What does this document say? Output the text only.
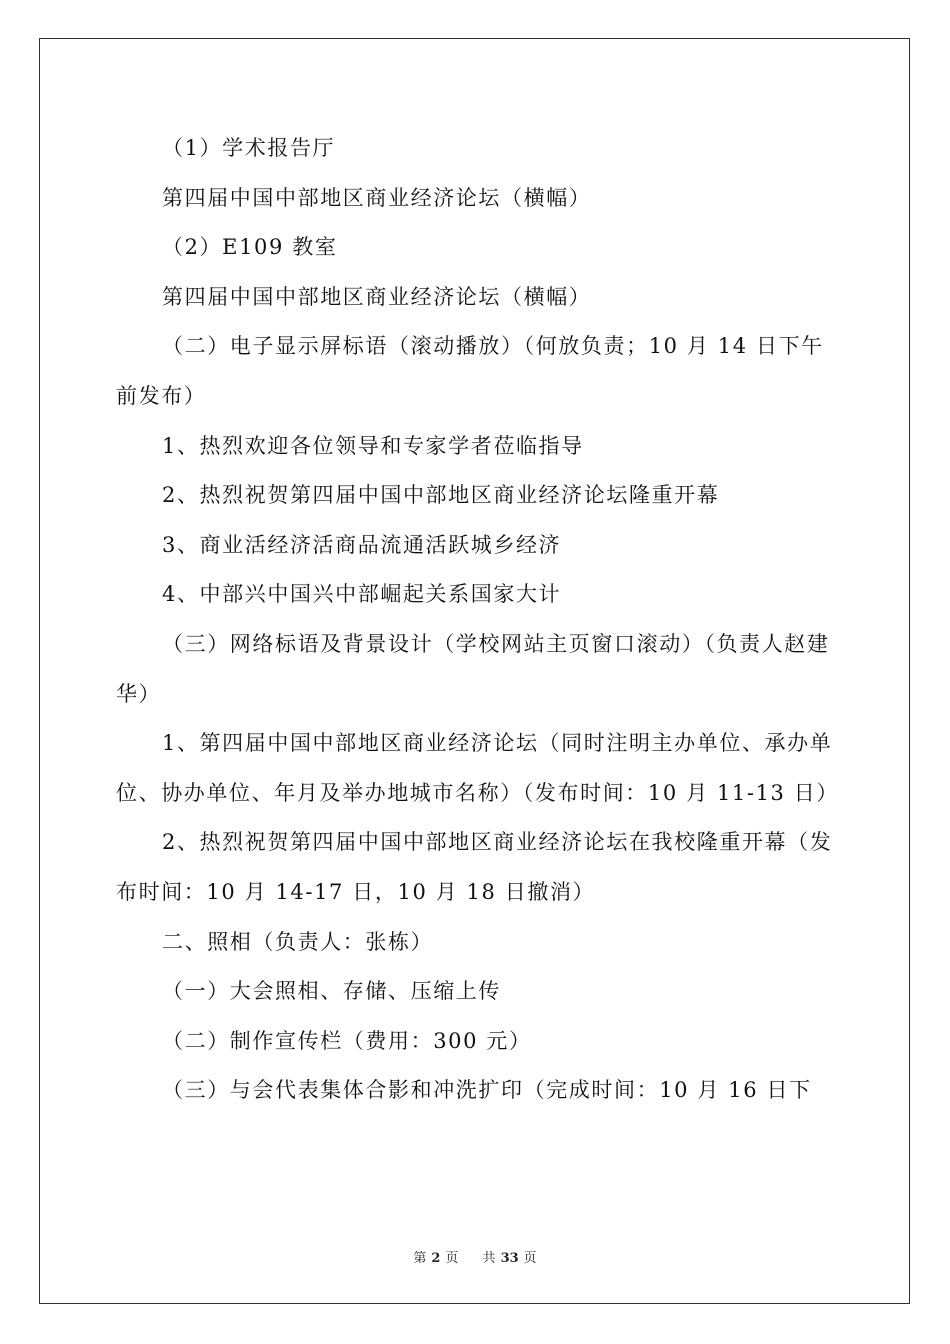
（1）学术报告厅

第四届中国中部地区商业经济论坛（横幅）

（2）E109 教室

第四届中国中部地区商业经济论坛（横幅）

（二）电子显示屏标语（滚动播放）（何放负责；10 月 14 日下午前发布）

1、热烈欢迎各位领导和专家学者莅临指导

2、热烈祝贺第四届中国中部地区商业经济论坛隆重开幕

3、商业活经济活商品流通活跃城乡经济

4、中部兴中国兴中部崛起关系国家大计

（三）网络标语及背景设计（学校网站主页窗口滚动）（负责人赵建华）

1、第四届中国中部地区商业经济论坛（同时注明主办单位、承办单位、协办单位、年月及举办地城市名称）（发布时间：10 月 11-13 日）

2、热烈祝贺第四届中国中部地区商业经济论坛在我校隆重开幕（发布时间：10 月 14-17 日，10 月 18 日撤消）

二、照相（负责人：张栋）

（一）大会照相、存储、压缩上传

（二）制作宣传栏（费用：300 元）

（三）与会代表集体合影和冲洗扩印（完成时间：10 月 16 日下

第 2 页 共 33 页
